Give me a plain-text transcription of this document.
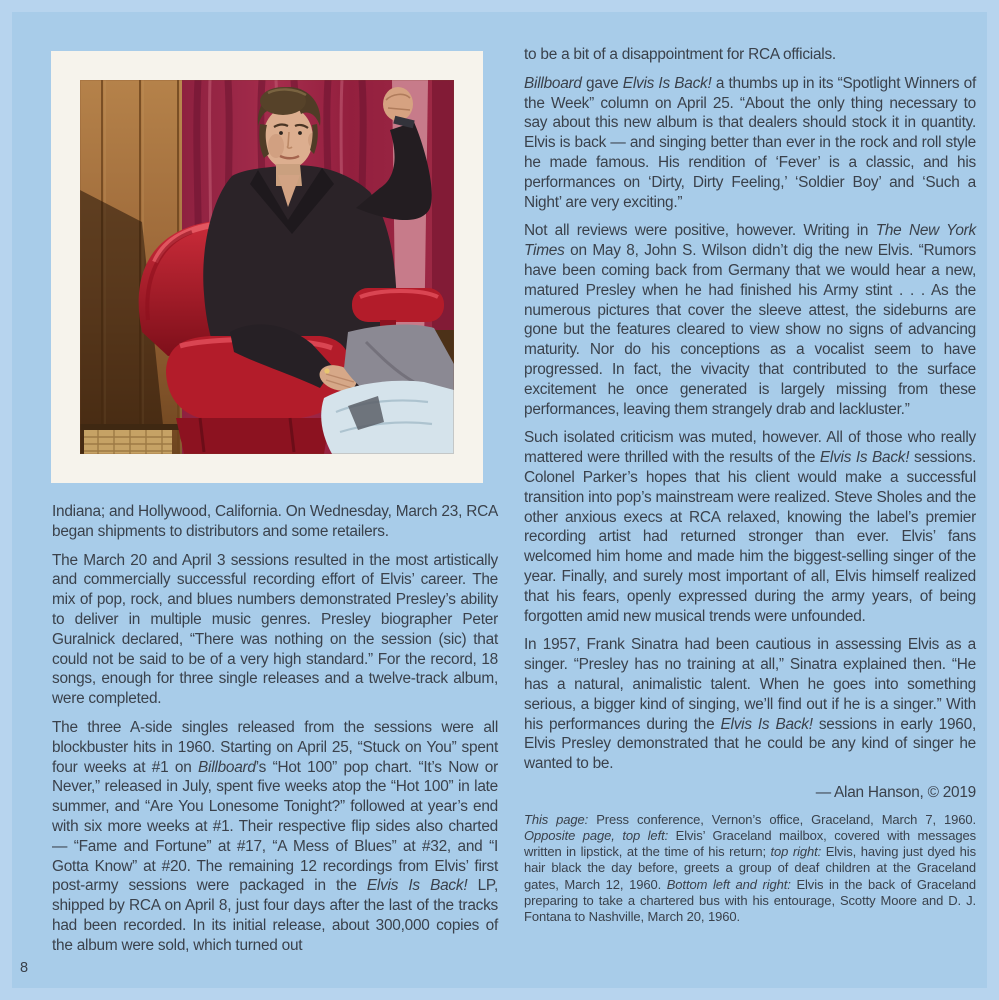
Indiana; and Hollywood, California. On Wednesday, March 23, RCA began shipments to distributors and some retailers.

The March 20 and April 3 sessions resulted in the most artistically and commercially successful recording effort of Elvis’ career. The mix of pop, rock, and blues numbers demonstrated Presley’s ability to deliver in multiple music genres. Presley biographer Peter Guralnick declared, “There was nothing on the session (sic) that could not be said to be of a very high standard.” For the record, 18 songs, enough for three single releases and a twelve-track album, were completed.

The three A-side singles released from the sessions were all blockbuster hits in 1960. Starting on April 25, “Stuck on You” spent four weeks at #1 on Billboard’s “Hot 100” pop chart. “It’s Now or Never,” released in July, spent five weeks atop the “Hot 100” in late summer, and “Are You Lonesome Tonight?” followed at year’s end with six more weeks at #1. Their respective flip sides also charted — “Fame and Fortune” at #17, “A Mess of Blues” at #32, and “I Gotta Know” at #20. The remaining 12 recordings from Elvis’ first post-army sessions were packaged in the Elvis Is Back! LP, shipped by RCA on April 8, just four days after the last of the tracks had been recorded. In its initial release, about 300,000 copies of the album were sold, which turned out

to be a bit of a disappointment for RCA officials.

Billboard gave Elvis Is Back! a thumbs up in its “Spotlight Winners of the Week” column on April 25. “About the only thing necessary to say about this new album is that dealers should stock it in quantity. Elvis is back — and singing better than ever in the rock and roll style he made famous. His rendition of ‘Fever’ is a classic, and his performances on ‘Dirty, Dirty Feeling,’ ‘Soldier Boy’ and ‘Such a Night’ are very exciting.”

Not all reviews were positive, however. Writing in The New York Times on May 8, John S. Wilson didn’t dig the new Elvis. “Rumors have been coming back from Germany that we would hear a new, matured Presley when he had finished his Army stint . . . As the numerous pictures that cover the sleeve attest, the sideburns are gone but the features cleared to view show no signs of advancing maturity. Nor do his conceptions as a vocalist seem to have progressed. In fact, the vivacity that contributed to the surface excitement he once generated is largely missing from these performances, leaving them strangely drab and lackluster.”

Such isolated criticism was muted, however. All of those who really mattered were thrilled with the results of the Elvis Is Back! sessions. Colonel Parker’s hopes that his client would make a successful transition into pop’s mainstream were realized. Steve Sholes and the other anxious execs at RCA relaxed, knowing the label’s premier recording artist had returned stronger than ever. Elvis’ fans welcomed him home and made him the biggest-selling singer of the year. Finally, and surely most important of all, Elvis himself realized that his fears, openly expressed during the army years, of being forgotten amid new musical trends were unfounded.

In 1957, Frank Sinatra had been cautious in assessing Elvis as a singer. “Presley has no training at all,” Sinatra explained then. “He has a natural, animalistic talent. When he goes into something serious, a bigger kind of singing, we’ll find out if he is a singer.” With his performances during the Elvis Is Back! sessions in early 1960, Elvis Presley demonstrated that he could be any kind of singer he wanted to be.

— Alan Hanson, © 2019

This page: Press conference, Vernon’s office, Graceland, March 7, 1960. Opposite page, top left: Elvis’ Graceland mailbox, covered with messages written in lipstick, at the time of his return; top right: Elvis, having just dyed his hair black the day before, greets a group of deaf children at the Graceland gates, March 12, 1960. Bottom left and right: Elvis in the back of Graceland preparing to take a chartered bus with his entourage, Scotty Moore and D. J. Fontana to Nashville, March 20, 1960.

8
